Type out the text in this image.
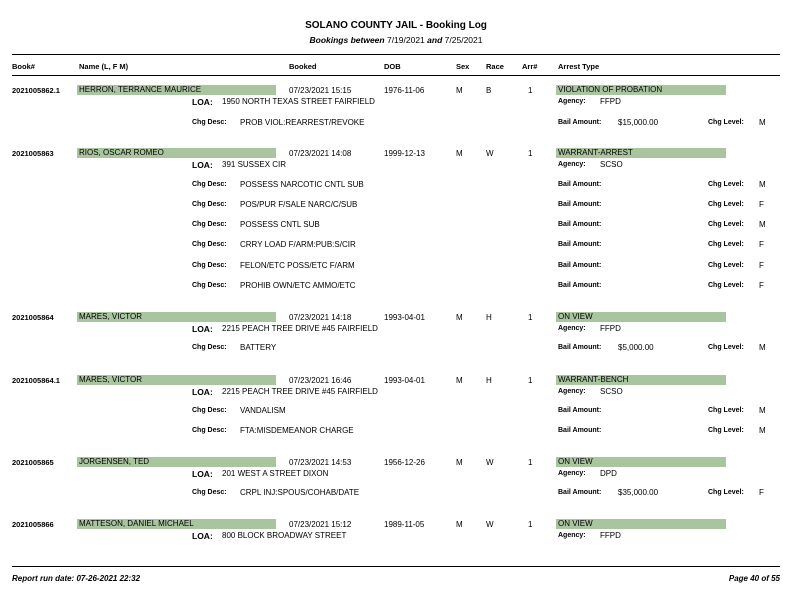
SOLANO COUNTY JAIL - Booking Log
Bookings between 7/19/2021 and 7/25/2021
Book#	Name (L, F M)	Booked	DOB	Sex Race Arr#	Arrest Type
2021005862.1 HERRON, TERRANCE MAURICE	07/23/2021 15:15	1976-11-06	M	B	1	VIOLATION OF PROBATION
LOA: 1950 NORTH TEXAS STREET FAIRFIELD	Agency: FFPD
Chg Desc: PROB VIOL:REARREST/REVOKE	Bail Amount: $15,000.00	Chg Level: M
2021005863	RIOS, OSCAR ROMEO	07/23/2021 14:08	1999-12-13	M	W	1	WARRANT-ARREST
LOA: 391 SUSSEX CIR	Agency: SCSO
Chg Desc: POSSESS NARCOTIC CNTL SUB	Bail Amount:	Chg Level: M
Chg Desc: POS/PUR F/SALE NARC/C/SUB	Bail Amount:	Chg Level: F
Chg Desc: POSSESS CNTL SUB	Bail Amount:	Chg Level: M
Chg Desc: CRRY LOAD F/ARM:PUB:S/CIR	Bail Amount:	Chg Level: F
Chg Desc: FELON/ETC POSS/ETC F/ARM	Bail Amount:	Chg Level: F
Chg Desc: PROHIB OWN/ETC AMMO/ETC	Bail Amount:	Chg Level: F
2021005864	MARES, VICTOR	07/23/2021 14:18	1993-04-01	M	H	1	ON VIEW
LOA: 2215 PEACH TREE DRIVE #45 FAIRFIELD	Agency: FFPD
Chg Desc: BATTERY	Bail Amount: $5,000.00	Chg Level: M
2021005864.1 MARES, VICTOR	07/23/2021 16:46	1993-04-01	M	H	1	WARRANT-BENCH
LOA: 2215 PEACH TREE DRIVE #45 FAIRFIELD	Agency: SCSO
Chg Desc: VANDALISM	Bail Amount:	Chg Level: M
Chg Desc: FTA:MISDEMEANOR CHARGE	Bail Amount:	Chg Level: M
2021005865	JORGENSEN, TED	07/23/2021 14:53	1956-12-26	M	W	1	ON VIEW
LOA: 201 WEST A STREET DIXON	Agency: DPD
Chg Desc: CRPL INJ:SPOUS/COHAB/DATE	Bail Amount: $35,000.00	Chg Level: F
2021005866	MATTESON, DANIEL MICHAEL	07/23/2021 15:12	1989-11-05	M	W	1	ON VIEW
LOA: 800 BLOCK BROADWAY STREET	Agency: FFPD
Report run date: 07-26-2021 22:32	Page 40 of 55
